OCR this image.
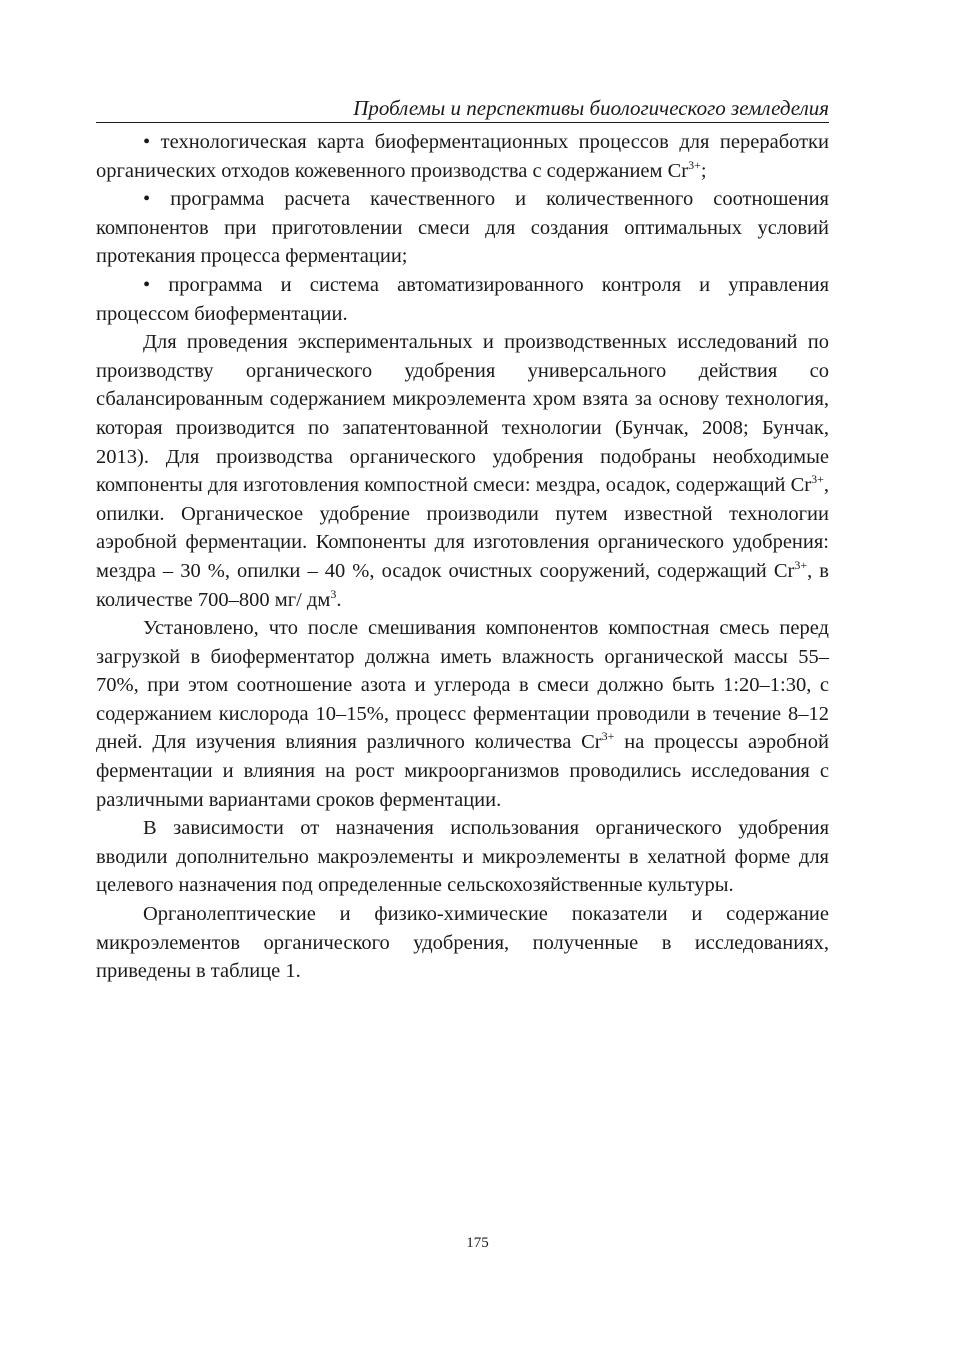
Проблемы и перспективы биологического земледелия

• технологическая карта биоферментационных процессов для переработки органических отходов кожевенного производства с содержанием $Cr^{3+}$;

• программа расчета качественного и количественного соотношения компонентов при приготовлении смеси для создания оптимальных условий протекания процесса ферментации;

• программа и система автоматизированного контроля и управления процессом биоферментации.

Для проведения экспериментальных и производственных исследований по производству органического удобрения универсального действия со сбалансированным содержанием микроэлемента хром взята за основу технология, которая производится по запатентованной технологии (Бунчак, 2008; Бунчак, 2013). Для производства органического удобрения подобраны необходимые компоненты для изготовления компостной смеси: мездра, осадок, содержащий $Cr^{3+}$, опилки. Органическое удобрение производили путем известной технологии аэробной ферментации. Компоненты для изготовления органического удобрения: мездра – 30 %, опилки – 40 %, осадок очистных сооружений, содержащий $Cr^{3+}$, в количестве 700–800 мг/ $дм^3$.

Установлено, что после смешивания компонентов компостная смесь перед загрузкой в биоферментатор должна иметь влажность органической массы 55–70%, при этом соотношение азота и углерода в смеси должно быть 1:20–1:30, с содержанием кислорода 10–15%, процесс ферментации проводили в течение 8–12 дней. Для изучения влияния различного количества $Cr^{3+}$ на процессы аэробной ферментации и влияния на рост микроорганизмов проводились исследования с различными вариантами сроков ферментации.

В зависимости от назначения использования органического удобрения вводили дополнительно макроэлементы и микроэлементы в хелатной форме для целевого назначения под определенные сельскохозяйственные культуры.

Органолептические и физико-химические показатели и содержание микроэлементов органического удобрения, полученные в исследованиях, приведены в таблице 1.

175
